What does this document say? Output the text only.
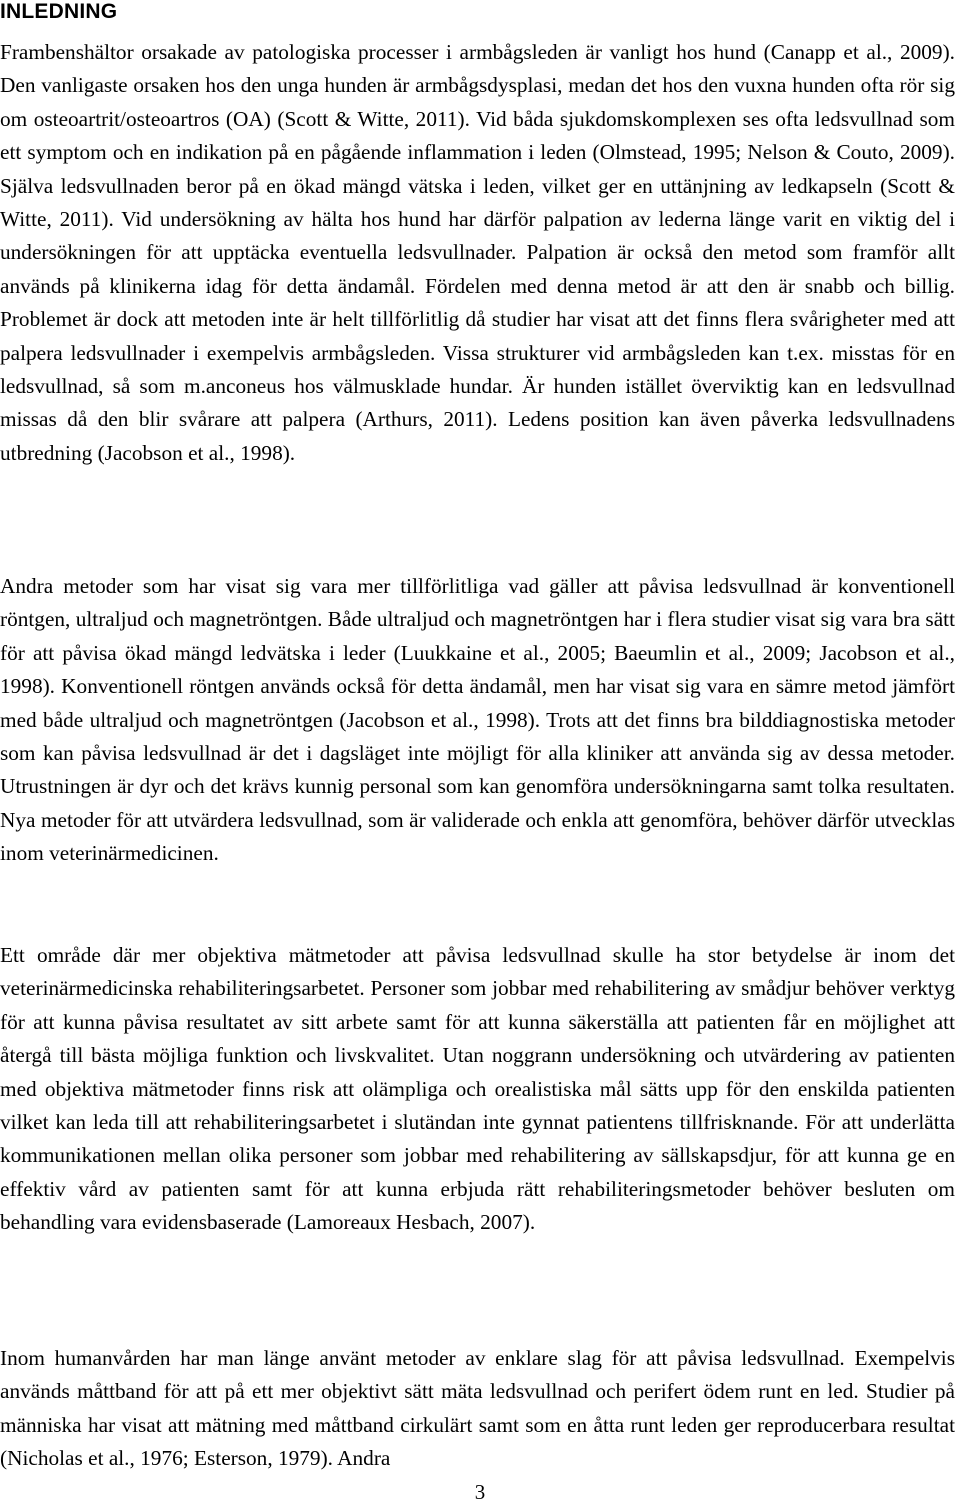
INLEDNING

Frambenshältor orsakade av patologiska processer i armbågsleden är vanligt hos hund (Canapp et al., 2009). Den vanligaste orsaken hos den unga hunden är armbågsdysplasi, medan det hos den vuxna hunden ofta rör sig om osteoartrit/osteoartros (OA) (Scott & Witte, 2011). Vid båda sjukdomskomplexen ses ofta ledsvullnad som ett symptom och en indikation på en pågående inflammation i leden (Olmstead, 1995; Nelson & Couto, 2009). Själva ledsvullnaden beror på en ökad mängd vätska i leden, vilket ger en uttänjning av ledkapseln (Scott & Witte, 2011). Vid undersökning av hälta hos hund har därför palpation av lederna länge varit en viktig del i undersökningen för att upptäcka eventuella ledsvullnader. Palpation är också den metod som framför allt används på klinikerna idag för detta ändamål. Fördelen med denna metod är att den är snabb och billig. Problemet är dock att metoden inte är helt tillförlitlig då studier har visat att det finns flera svårigheter med att palpera ledsvullnader i exempelvis armbågsleden. Vissa strukturer vid armbågsleden kan t.ex. misstas för en ledsvullnad, så som m.anconeus hos välmusklade hundar. Är hunden istället överviktig kan en ledsvullnad missas då den blir svårare att palpera (Arthurs, 2011). Ledens position kan även påverka ledsvullnadens utbredning (Jacobson et al., 1998).

Andra metoder som har visat sig vara mer tillförlitliga vad gäller att påvisa ledsvullnad är konventionell röntgen, ultraljud och magnetröntgen. Både ultraljud och magnetröntgen har i flera studier visat sig vara bra sätt för att påvisa ökad mängd ledvätska i leder (Luukkaine et al., 2005; Baeumlin et al., 2009; Jacobson et al., 1998). Konventionell röntgen används också för detta ändamål, men har visat sig vara en sämre metod jämfört med både ultraljud och magnetröntgen (Jacobson et al., 1998). Trots att det finns bra bilddiagnostiska metoder som kan påvisa ledsvullnad är det i dagsläget inte möjligt för alla kliniker att använda sig av dessa metoder. Utrustningen är dyr och det krävs kunnig personal som kan genomföra undersökningarna samt tolka resultaten. Nya metoder för att utvärdera ledsvullnad, som är validerade och enkla att genomföra, behöver därför utvecklas inom veterinärmedicinen.

Ett område där mer objektiva mätmetoder att påvisa ledsvullnad skulle ha stor betydelse är inom det veterinärmedicinska rehabiliteringsarbetet. Personer som jobbar med rehabilitering av smådjur behöver verktyg för att kunna påvisa resultatet av sitt arbete samt för att kunna säkerställa att patienten får en möjlighet att återgå till bästa möjliga funktion och livskvalitet. Utan noggrann undersökning och utvärdering av patienten med objektiva mätmetoder finns risk att olämpliga och orealistiska mål sätts upp för den enskilda patienten vilket kan leda till att rehabiliteringsarbetet i slutändan inte gynnat patientens tillfrisknande. För att underlätta kommunikationen mellan olika personer som jobbar med rehabilitering av sällskapsdjur, för att kunna ge en effektiv vård av patienten samt för att kunna erbjuda rätt rehabiliteringsmetoder behöver besluten om behandling vara evidensbaserade (Lamoreaux Hesbach, 2007).

Inom humanvården har man länge använt metoder av enklare slag för att påvisa ledsvullnad. Exempelvis används måttband för att på ett mer objektivt sätt mäta ledsvullnad och perifert ödem runt en led. Studier på människa har visat att mätning med måttband cirkulärt samt som en åtta runt leden ger reproducerbara resultat (Nicholas et al., 1976; Esterson, 1979). Andra

3
